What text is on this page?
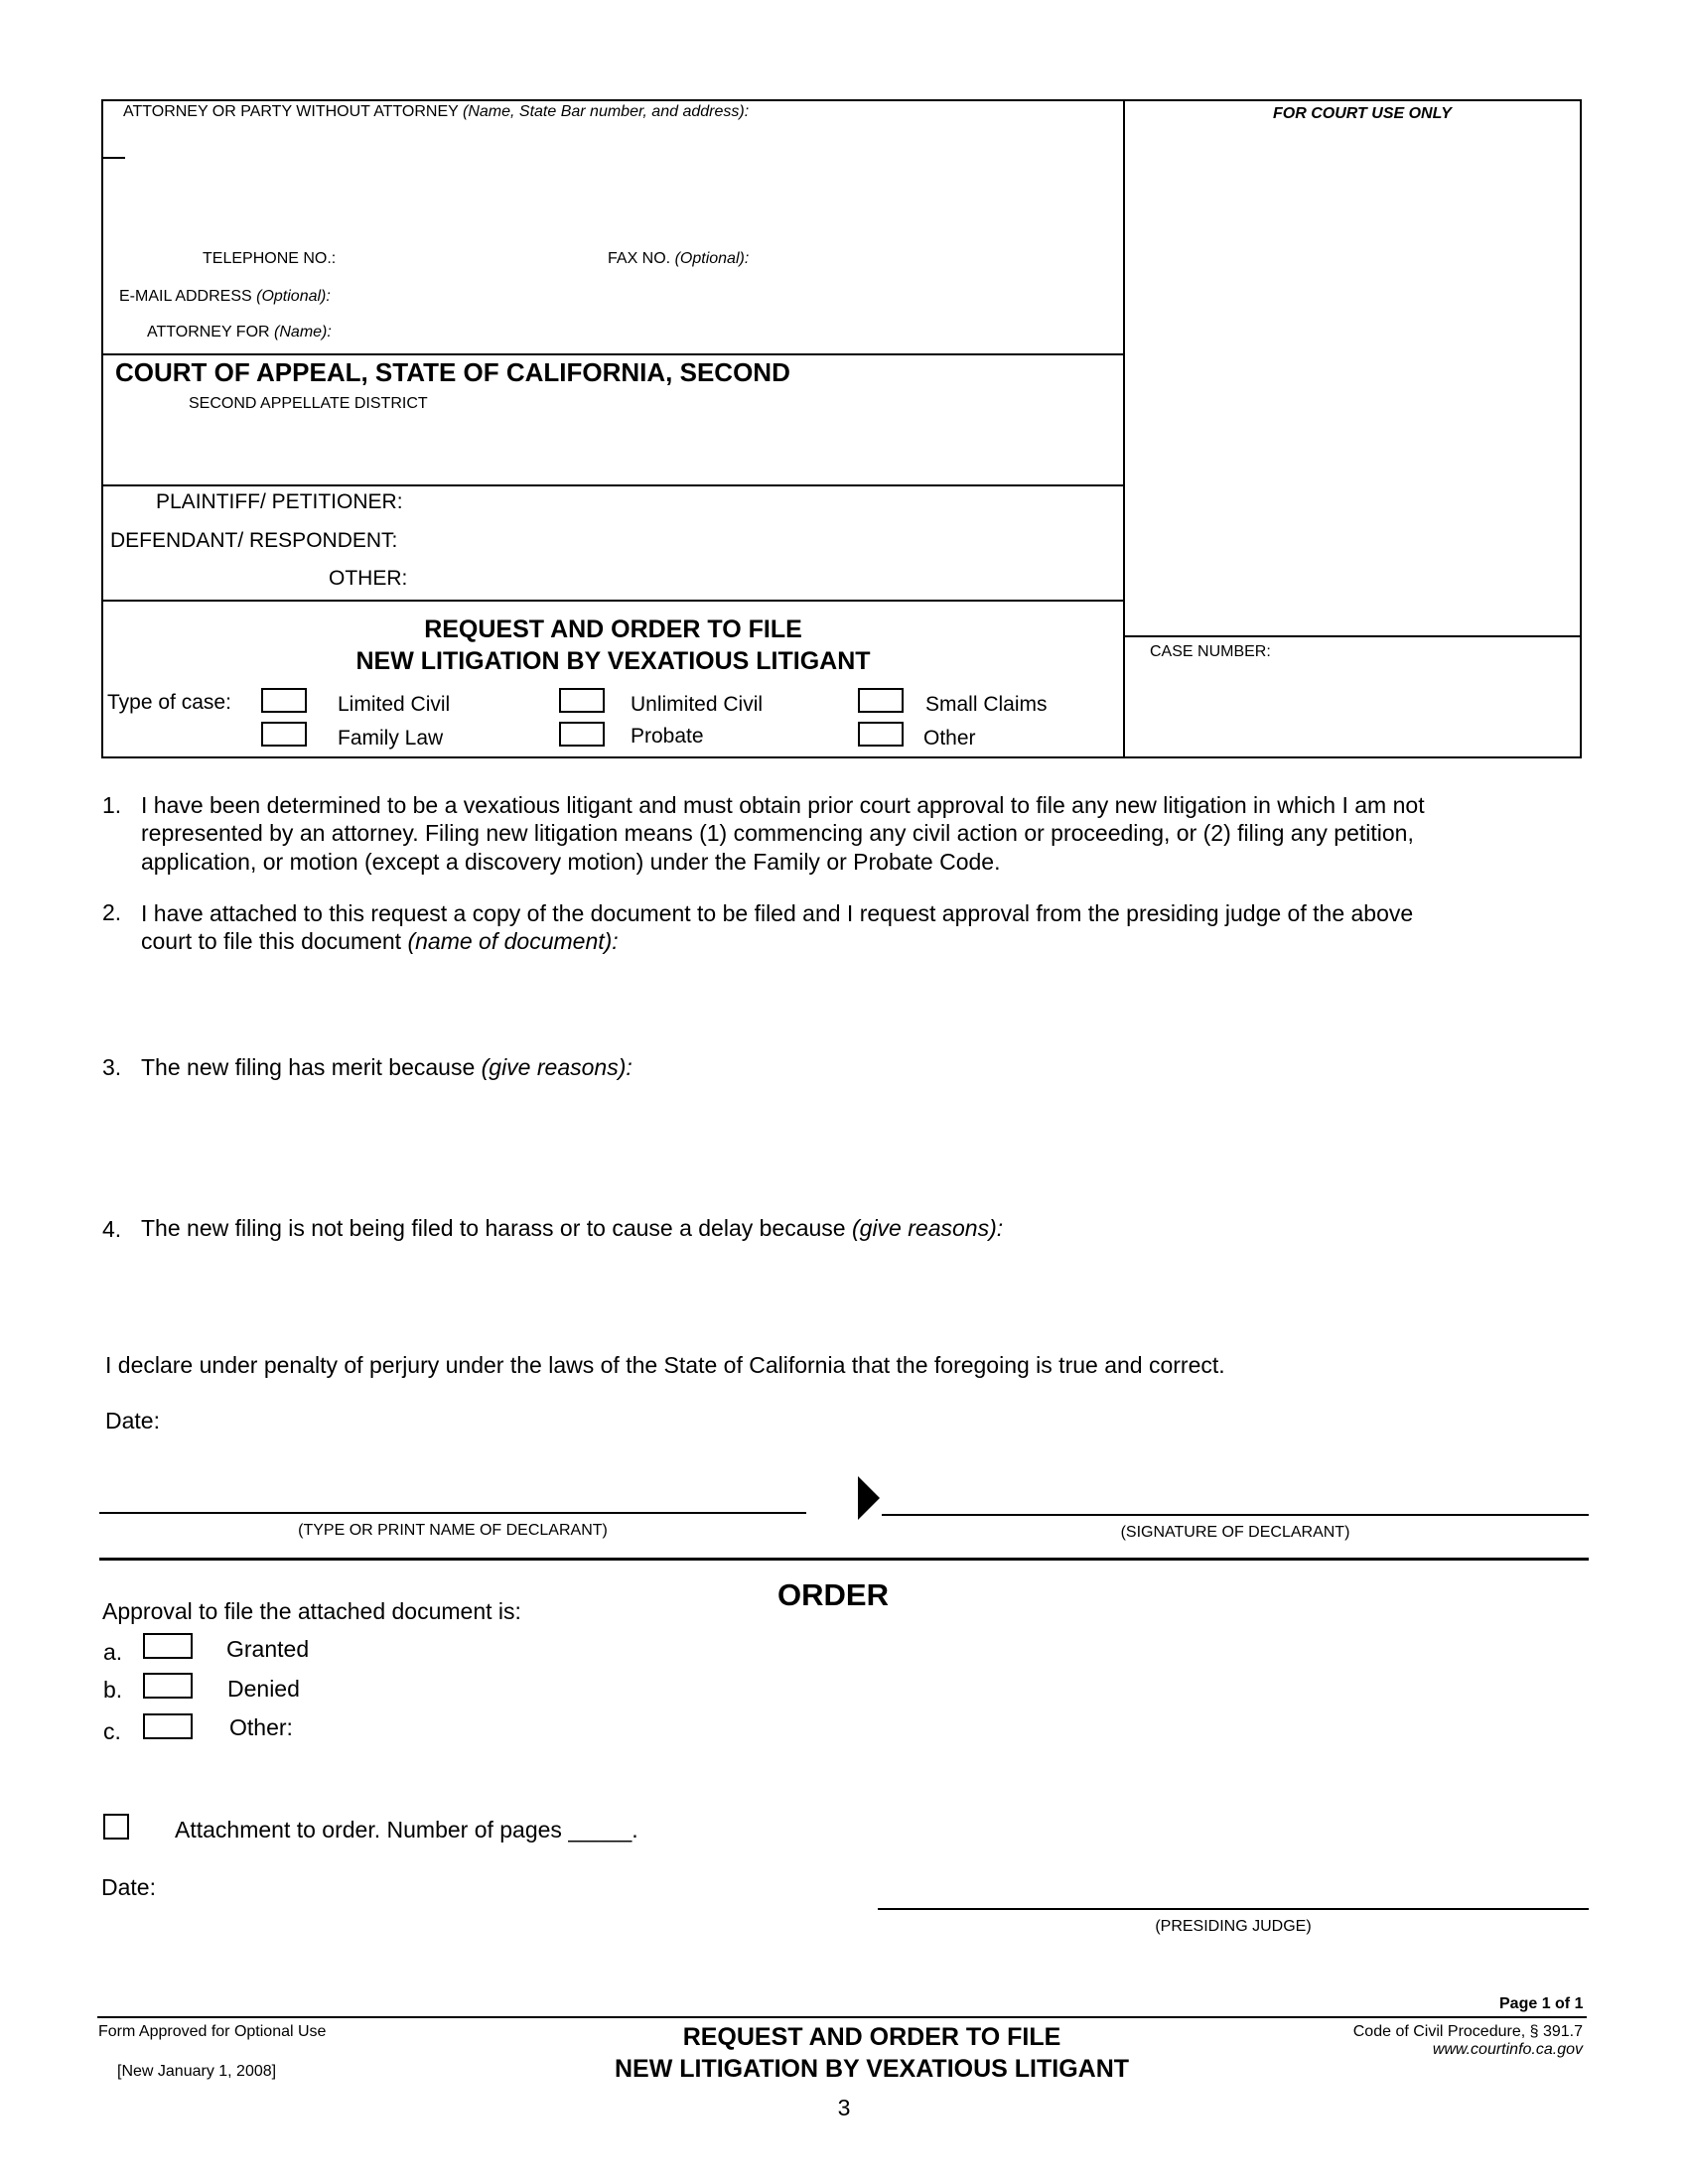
ATTORNEY OR PARTY WITHOUT ATTORNEY (Name, State Bar number, and address):	FOR COURT USE ONLY
TELEPHONE NO.:	FAX NO. (Optional):
E-MAIL ADDRESS (Optional):
ATTORNEY FOR (Name):
COURT OF APPEAL, STATE OF CALIFORNIA, SECOND
SECOND APPELLATE DISTRICT
PLAINTIFF/ PETITIONER:
DEFENDANT/ RESPONDENT:
OTHER:
REQUEST AND ORDER TO FILE
NEW LITIGATION BY VEXATIOUS LITIGANT
Type of case:	Limited Civil	Unlimited Civil	Small Claims
Family Law	Probate	Other
CASE NUMBER:
1. I have been determined to be a vexatious litigant and must obtain prior court approval to file any new litigation in which I am not
represented by an attorney. Filing new litigation means (1) commencing any civil action or proceeding, or (2) filing any petition,
application, or motion (except a discovery motion) under the Family or Probate Code.
2. I have attached to this request a copy of the document to be filed and I request approval from the presiding judge of the above
court to file this document (name of document):
3. The new filing has merit because (give reasons):
4. The new filing is not being filed to harass or to cause a delay because (give reasons):
I declare under penalty of perjury under the laws of the State of California that the foregoing is true and correct.
Date:
(TYPE OR PRINT NAME OF DECLARANT)	(SIGNATURE OF DECLARANT)
ORDER
Approval to file the attached document is:
a.	Granted
b.	Denied
c.	Other:
Attachment to order. Number of pages _____.
Date:
(PRESIDING JUDGE)
Page 1 of 1
Form Approved for Optional Use
[New January 1, 2008]
REQUEST AND ORDER TO FILE
NEW LITIGATION BY VEXATIOUS LITIGANT
Code of Civil Procedure, § 391.7
www.courtinfo.ca.gov
3
